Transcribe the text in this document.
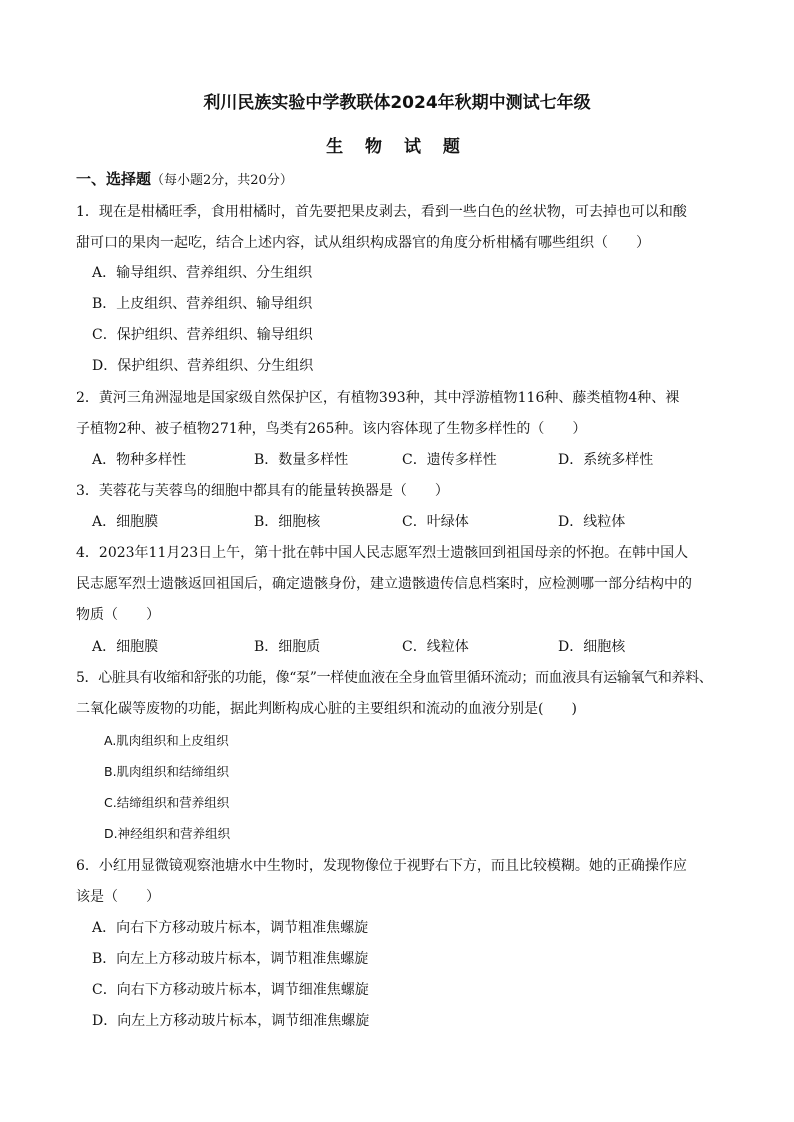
利川民族实验中学教联体2024年秋期中测试七年级
生 物 试 题
一、选择题（每小题2分，共20分）
1．现在是柑橘旺季，食用柑橘时，首先要把果皮剥去，看到一些白色的丝状物，可去掉也可以和酸
甜可口的果肉一起吃，结合上述内容，试从组织构成器官的角度分析柑橘有哪些组织（　　）
A．输导组织、营养组织、分生组织
B．上皮组织、营养组织、输导组织
C．保护组织、营养组织、输导组织
D．保护组织、营养组织、分生组织
2．黄河三角洲湿地是国家级自然保护区，有植物393种，其中浮游植物116种、藤类植物4种、裸
子植物2种、被子植物271种，鸟类有265种。该内容体现了生物多样性的（　　）
A．物种多样性	B．数量多样性	C．遗传多样性	D．系统多样性
3．芙蓉花与芙蓉鸟的细胞中都具有的能量转换器是（　　）
A．细胞膜	B．细胞核	C．叶绿体	D．线粒体
4．2023年11月23日上午，第十批在韩中国人民志愿军烈士遗骸回到祖国母亲的怀抱。在韩中国人
民志愿军烈士遗骸返回祖国后，确定遗骸身份，建立遗骸遗传信息档案时，应检测哪一部分结构中的
物质（　　）
A．细胞膜	B．细胞质	C．线粒体	D．细胞核
5．心脏具有收缩和舒张的功能，像“泵”一样使血液在全身血管里循环流动；而血液具有运输氧气和养料、
二氧化碳等废物的功能，据此判断构成心脏的主要组织和流动的血液分别是(　　)
A.肌肉组织和上皮组织
B.肌肉组织和结缔组织
C.结缔组织和营养组织
D.神经组织和营养组织
6．小红用显微镜观察池塘水中生物时，发现物像位于视野右下方，而且比较模糊。她的正确操作应
该是（　　）
A．向右下方移动玻片标本，调节粗准焦螺旋
B．向左上方移动玻片标本，调节粗准焦螺旋
C．向右下方移动玻片标本，调节细准焦螺旋
D．向左上方移动玻片标本，调节细准焦螺旋
